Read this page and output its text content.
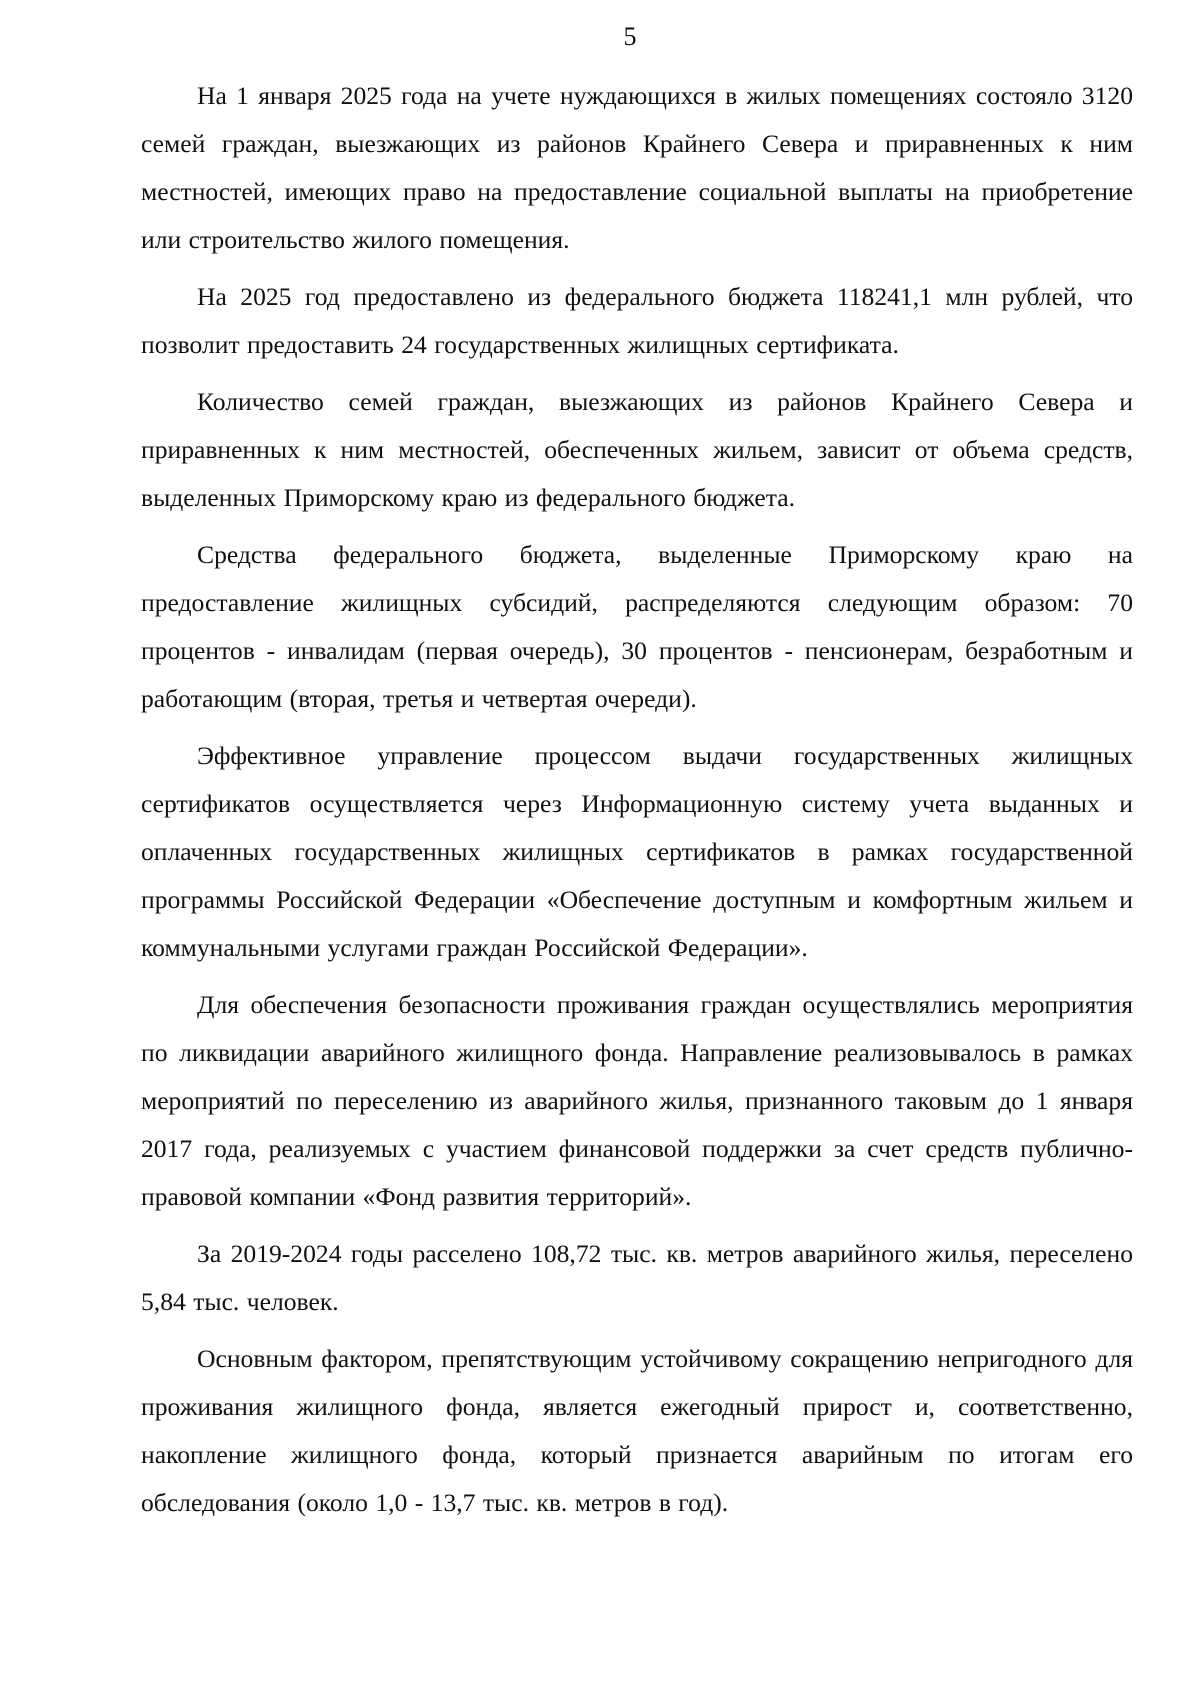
5

На 1 января 2025 года на учете нуждающихся в жилых помещениях состояло 3120 семей граждан, выезжающих из районов Крайнего Севера и приравненных к ним местностей, имеющих право на предоставление социальной выплаты на приобретение или строительство жилого помещения.

На 2025 год предоставлено из федерального бюджета 118241,1 млн рублей, что позволит предоставить 24 государственных жилищных сертификата.

Количество семей граждан, выезжающих из районов Крайнего Севера и приравненных к ним местностей, обеспеченных жильем, зависит от объема средств, выделенных Приморскому краю из федерального бюджета.

Средства федерального бюджета, выделенные Приморскому краю на предоставление жилищных субсидий, распределяются следующим образом: 70 процентов - инвалидам (первая очередь), 30 процентов - пенсионерам, безработным и работающим (вторая, третья и четвертая очереди).

Эффективное управление процессом выдачи государственных жилищных сертификатов осуществляется через Информационную систему учета выданных и оплаченных государственных жилищных сертификатов в рамках государственной программы Российской Федерации «Обеспечение доступным и комфортным жильем и коммунальными услугами граждан Российской Федерации».

Для обеспечения безопасности проживания граждан осуществлялись мероприятия по ликвидации аварийного жилищного фонда. Направление реализовывалось в рамках мероприятий по переселению из аварийного жилья, признанного таковым до 1 января 2017 года, реализуемых с участием финансовой поддержки за счет средств публично-правовой компании «Фонд развития территорий».

За 2019-2024 годы расселено 108,72 тыс. кв. метров аварийного жилья, переселено 5,84 тыс. человек.

Основным фактором, препятствующим устойчивому сокращению непригодного для проживания жилищного фонда, является ежегодный прирост и, соответственно, накопление жилищного фонда, который признается аварийным по итогам его обследования (около 1,0 - 13,7 тыс. кв. метров в год).
